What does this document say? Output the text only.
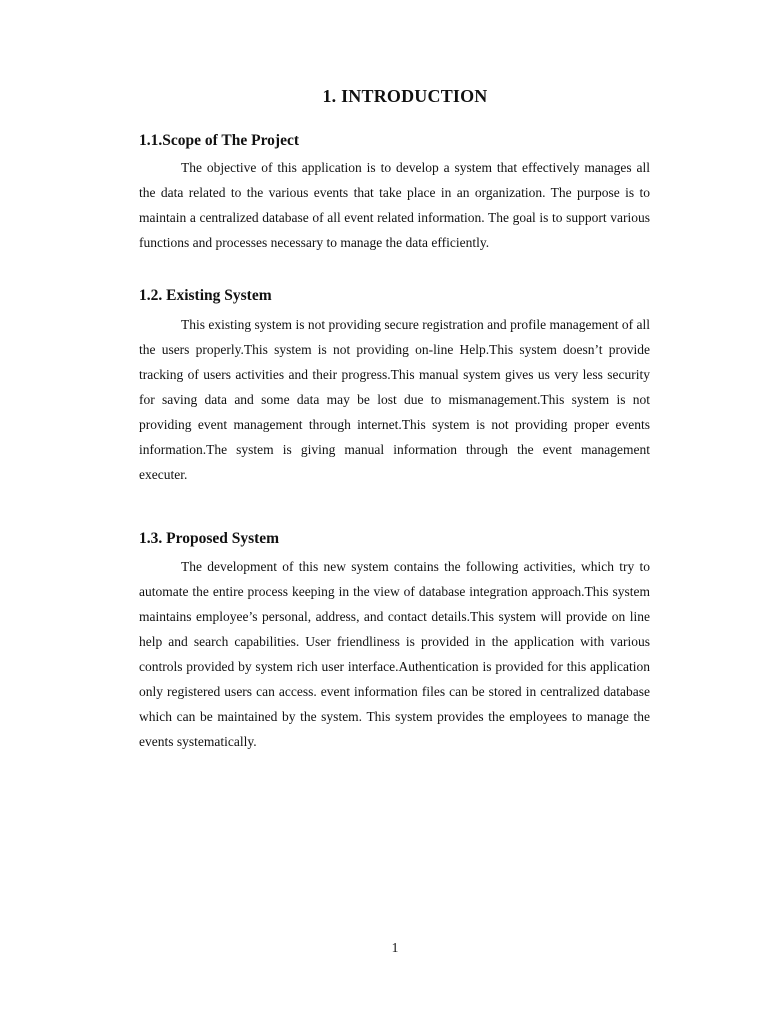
1. INTRODUCTION
1.1.Scope of The Project

The objective of this application is to develop a system that effectively manages all the data related to the various events that take place in an organization. The purpose is to maintain a centralized database of all event related information. The goal is to support various functions and processes necessary to manage the data efficiently.

1.2. Existing System

This existing system is not providing secure registration and profile management of all the users properly.This system is not providing on-line Help.This system doesn’t provide tracking of users activities and their progress.This manual system gives us very less security for saving data and some data may be lost due to mismanagement.This system is not providing event management through internet.This system is not providing proper events information.The system is giving manual information through the event management executer.

1.3. Proposed System

The development of this new system contains the following activities, which try to automate the entire process keeping in the view of database integration approach.This system maintains employee’s personal, address, and contact details.This system will provide on line help and search capabilities. User friendliness is provided in the application with various controls provided by system rich user interface.Authentication is provided for this application only registered users can access. event information files can be stored in centralized database which can be maintained by the system. This system provides the employees to manage the events systematically.

1
